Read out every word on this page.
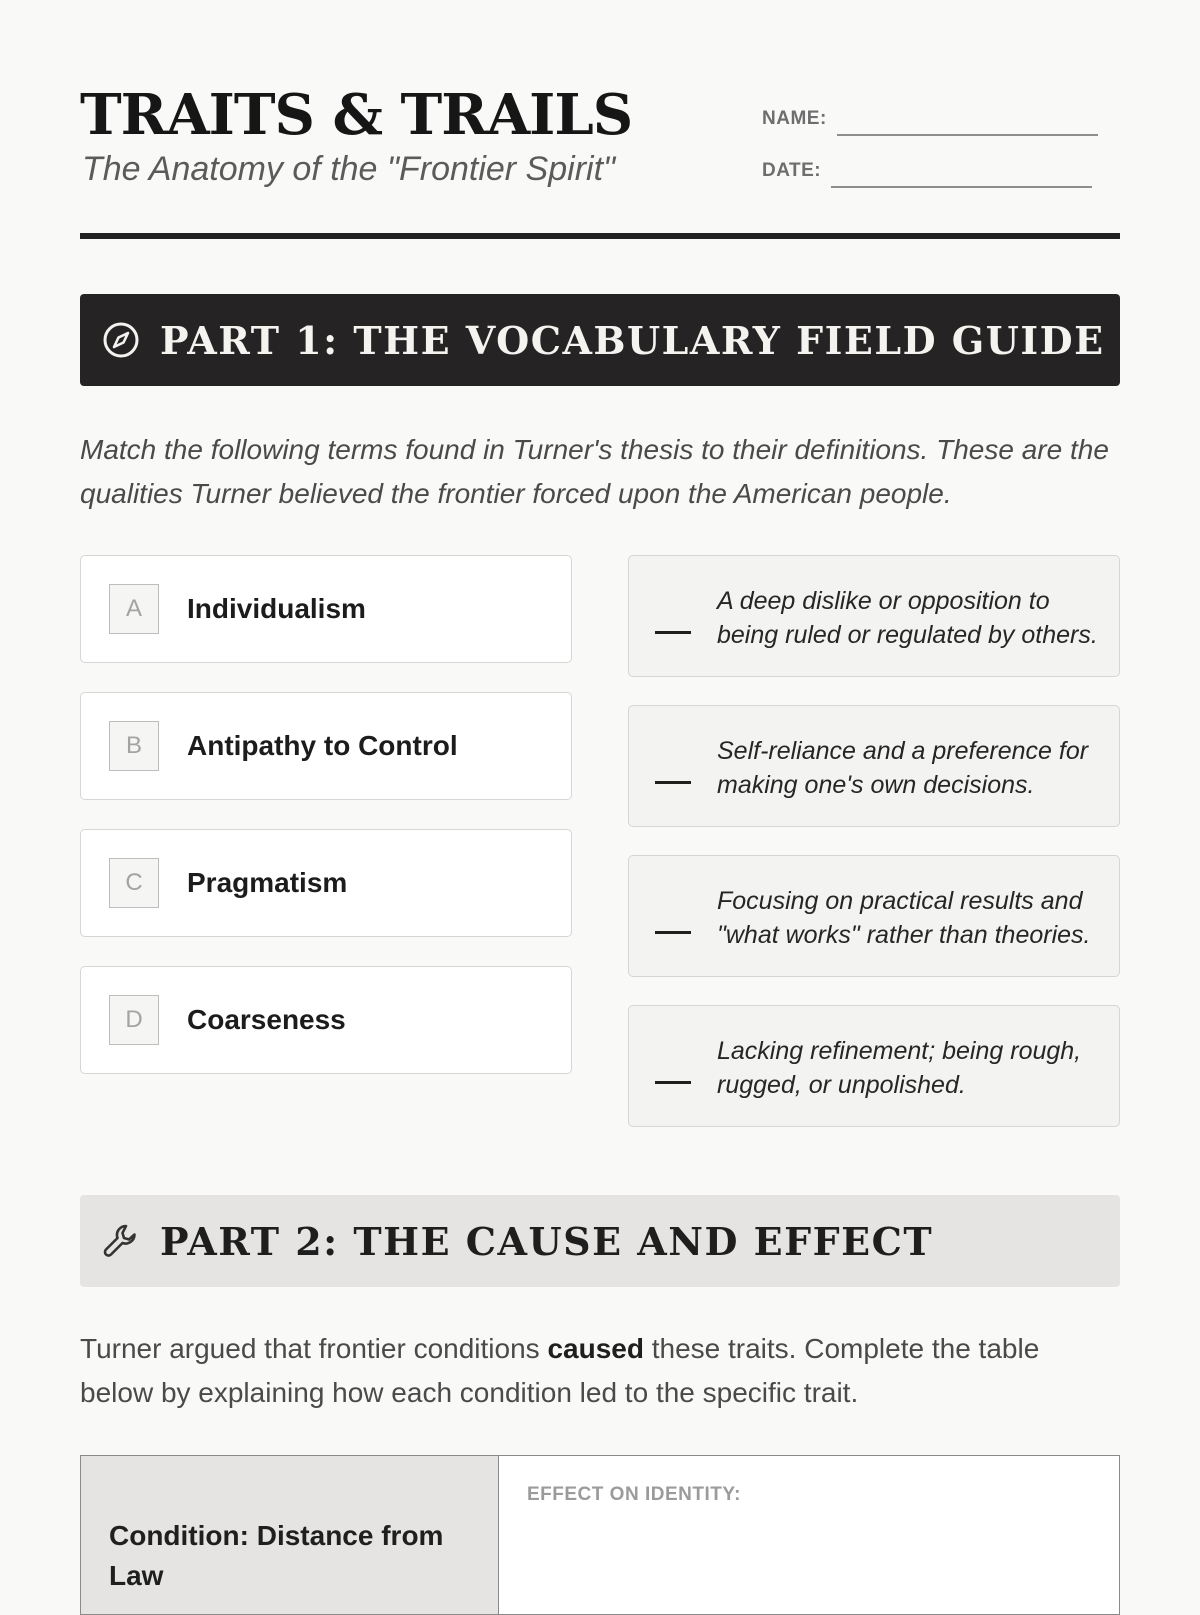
TRAITS & TRAILS

The Anatomy of the "Frontier Spirit"

NAME:
DATE:
PART 1: THE VOCABULARY FIELD GUIDE

Match the following terms found in Turner's thesis to their definitions. These are the qualities Turner believed the frontier forced upon the American people.

A	Individualism
B	Antipathy to Control
C	Pragmatism
D	Coarseness

A deep dislike or opposition to being ruled or regulated by others.

Self-reliance and a preference for making one's own decisions.

Focusing on practical results and "what works" rather than theories.

Lacking refinement; being rough, rugged, or unpolished.

PART 2: THE CAUSE AND EFFECT

Turner argued that frontier conditions caused these traits. Complete the table below by explaining how each condition led to the specific trait.

Condition: Distance from Law

EFFECT ON IDENTITY:
